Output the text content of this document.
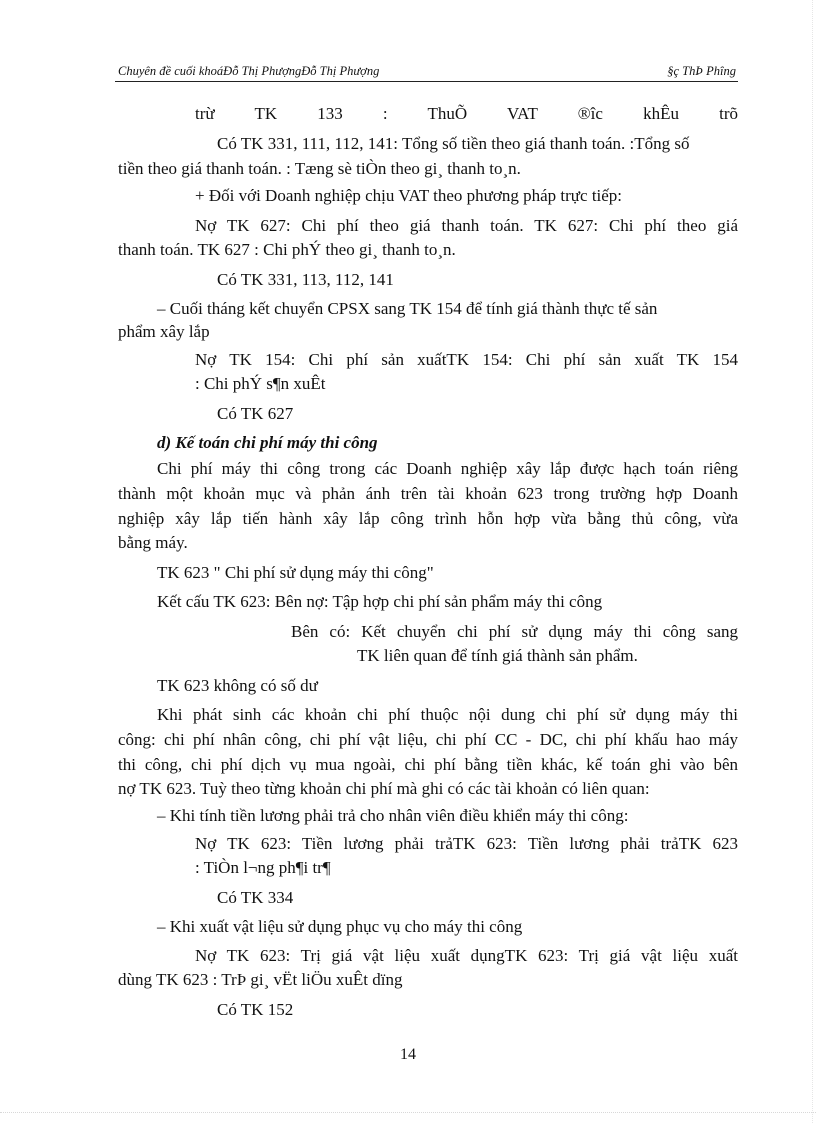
Chuyên đề cuối khoáĐỗ Thị PhượngĐỗ Thị Phượng	§ç ThÞ Phîng
trừ TK 133 : ThuÕ VAT ®îc khÊu trõ
Có TK 331, 111, 112, 141: Tổng số tiền theo giá thanh toán. :Tổng số
tiền theo giá thanh toán. : Tæng sè tiÒn theo gi¸ thanh to¸n.
+ Đối với Doanh nghiệp chịu VAT theo phương pháp trực tiếp:
Nợ TK 627: Chi phí theo giá thanh toán. TK 627: Chi phí theo giá
thanh toán. TK 627 : Chi phÝ theo gi¸ thanh to¸n.
Có TK 331, 113, 112, 141
– Cuối tháng kết chuyển CPSX sang TK 154 để tính giá thành thực tế sản
phẩm xây lắp
Nợ TK 154: Chi phí sản xuấtTK 154: Chi phí sản xuất TK 154
: Chi phÝ s¶n xuÊt
Có TK 627
d) Kế toán chi phí máy thi công
Chi phí máy thi công trong các Doanh nghiệp xây lắp được hạch toán riêng
thành một khoản mục và phản ánh trên tài khoản 623 trong trường hợp Doanh
nghiệp xây lắp tiến hành xây lắp công trình hỗn hợp vừa bằng thủ công, vừa
bằng máy.
TK 623 " Chi phí sử dụng máy thi công"
Kết cấu TK 623: Bên nợ: Tập hợp chi phí sản phẩm máy thi công
Bên có: Kết chuyển chi phí sử dụng máy thi công sang
TK liên quan để tính giá thành sản phẩm.
TK 623 không có số dư
Khi phát sinh các khoản chi phí thuộc nội dung chi phí sử dụng máy thi
công: chi phí nhân công, chi phí vật liệu, chi phí CC - DC, chi phí khấu hao máy
thi công, chi phí dịch vụ mua ngoài, chi phí bằng tiền khác, kế toán ghi vào bên
nợ TK 623. Tuỳ theo từng khoản chi phí mà ghi có các tài khoản có liên quan:
– Khi tính tiền lương phải trả cho nhân viên điều khiển máy thi công:
Nợ TK 623: Tiền lương phải trảTK 623: Tiền lương phải trảTK 623
: TiÒn l¬ng ph¶i tr¶
Có TK 334
– Khi xuất vật liệu sử dụng phục vụ cho máy thi công
Nợ TK 623: Trị giá vật liệu xuất dụngTK 623: Trị giá vật liệu xuất
dùng TK 623 : TrÞ gi¸ vËt liÖu xuÊt dïng
Có TK 152
14
